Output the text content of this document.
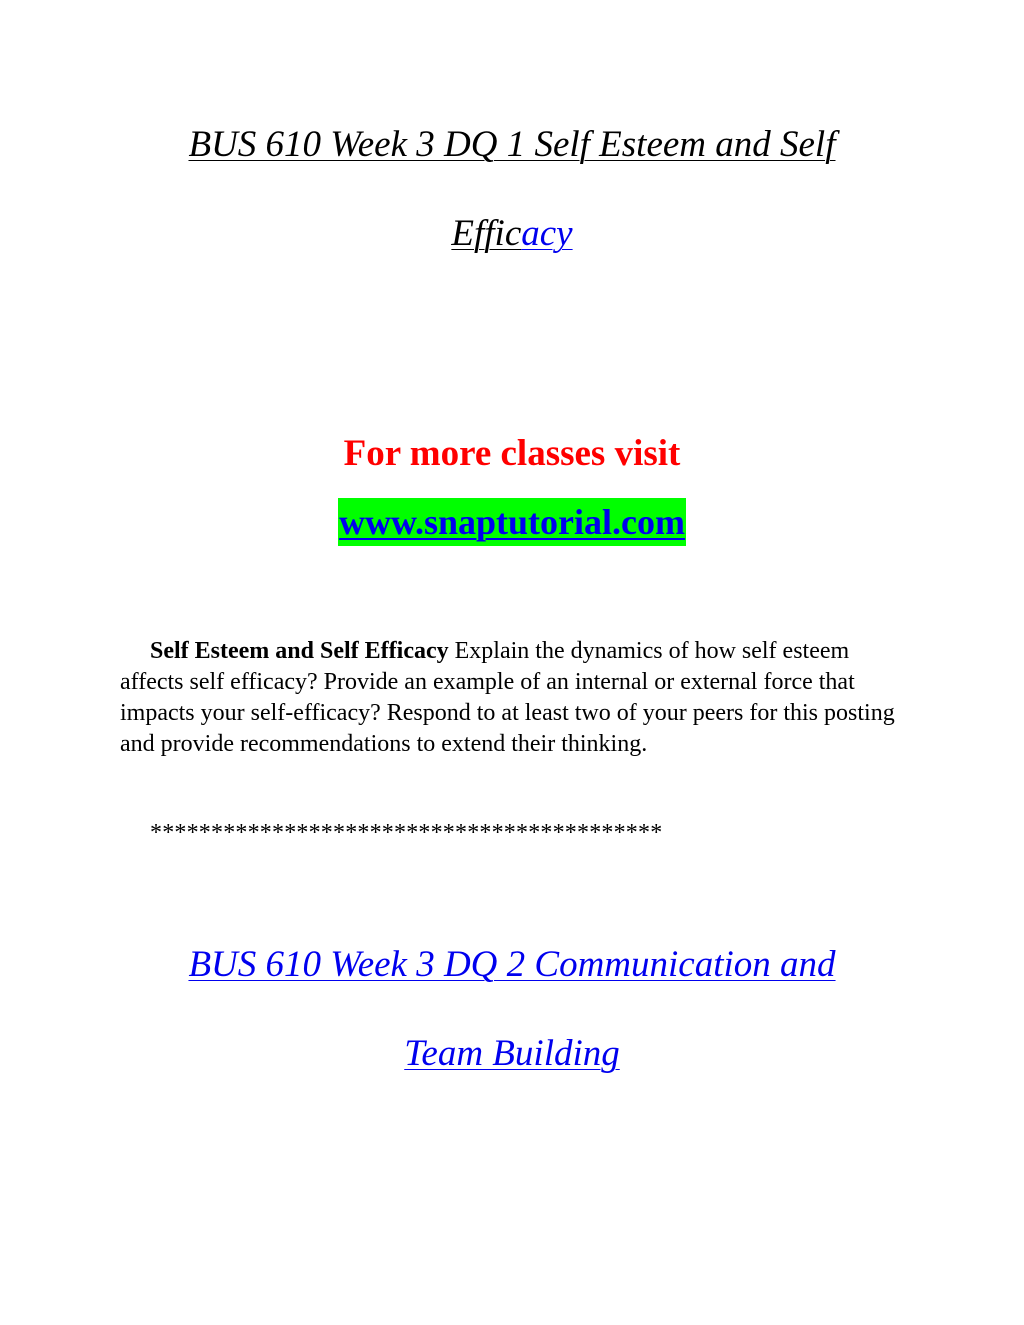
BUS 610 Week 3 DQ 1 Self Esteem and Self
Efficacy
For more classes visit
www.snaptutorial.com
Self Esteem and Self Efficacy Explain the dynamics of how self esteem affects self efficacy? Provide an example of an internal or external force that impacts your self-efficacy? Respond to at least two of your peers for this posting and provide recommendations to extend their thinking.
******************************************
BUS 610 Week 3 DQ 2 Communication and
Team Building
